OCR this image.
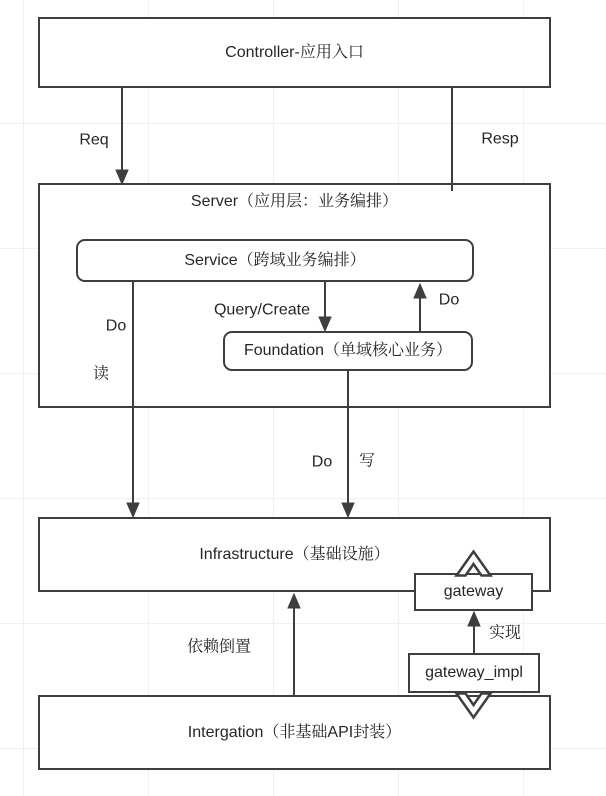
Controller-应用入口
Server（应用层：业务编排）
Service（跨域业务编排）
Foundation（单域核心业务）
Infrastructure（基础设施）
Intergation（非基础API封装）
gateway
gateway_impl
Req	Resp
Do
读
Query/Create
Do
Do 写
依赖倒置
实现
